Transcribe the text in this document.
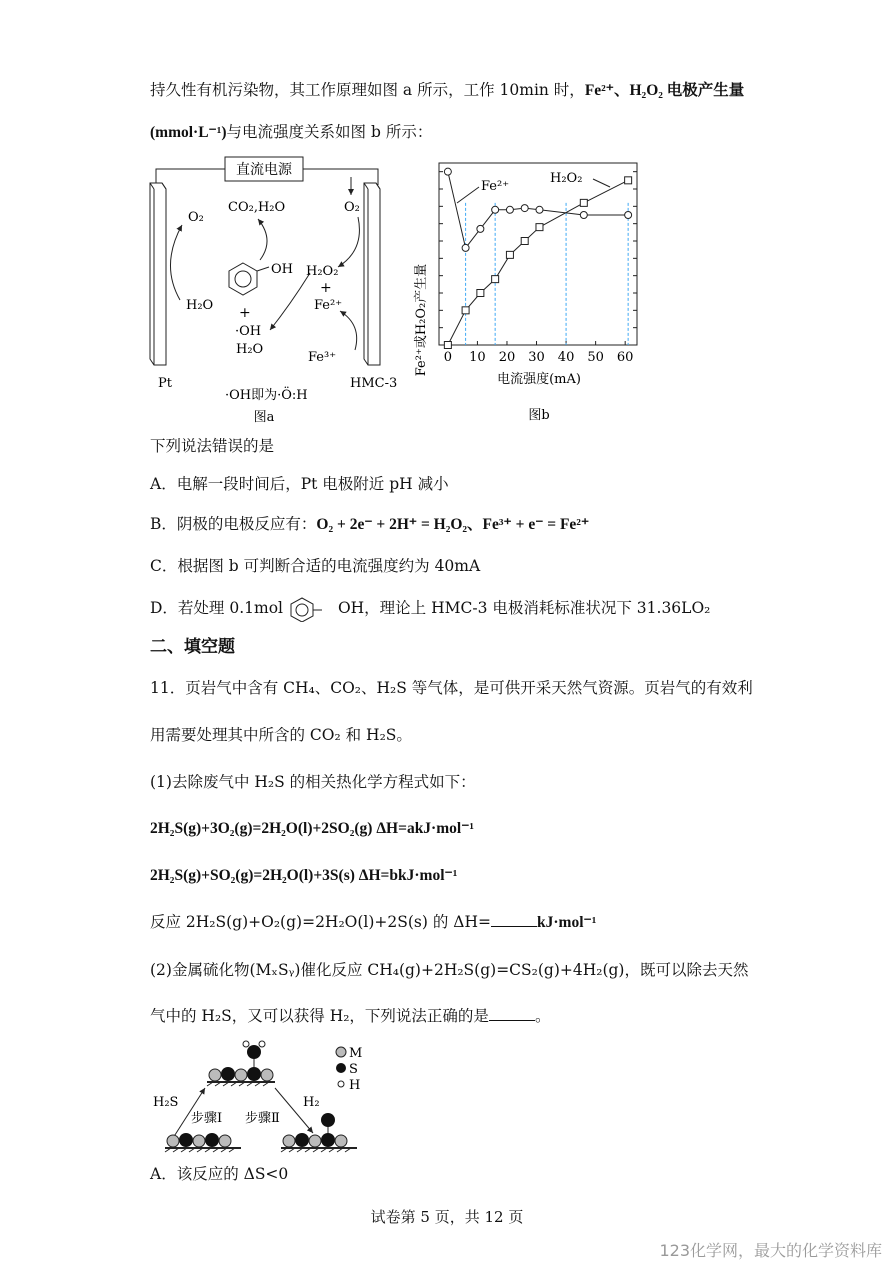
持久性有机污染物，其工作原理如图 a 所示，工作 10min 时，Fe²⁺、H₂O₂ 电极产生量
(mmol·L⁻¹)与电流强度关系如图 b 所示：
直流电源
O₂
H₂O
CO₂,H₂O
OH
+
·OH
H₂O
O₂
H₂O₂
+
Fe²⁺
Fe³⁺
Pt	HMC-3
·OH即为·Ö:H
图a
Fe²⁺或H₂O₂产生量
电流强度(mA)
图b
Fe²⁺
H₂O₂
0 10 20 30 40 50 60
下列说法错误的是
A．电解一段时间后，Pt 电极附近 pH 减小
B．阴极的电极反应有：O₂ + 2e⁻ + 2H⁺ = H₂O₂、Fe³⁺ + e⁻ = Fe²⁺
C．根据图 b 可判断合适的电流强度约为 40mA
D．若处理 0.1mol	OH，理论上 HMC-3 电极消耗标准状况下 31.36LO₂
二、填空题
11．页岩气中含有 CH₄、CO₂、H₂S 等气体，是可供开采天然气资源。页岩气的有效利
用需要处理其中所含的 CO₂ 和 H₂S。
(1)去除废气中 H₂S 的相关热化学方程式如下：
2H₂S(g)+3O₂(g)=2H₂O(l)+2SO₂(g) ΔH=akJ·mol⁻¹
2H₂S(g)+SO₂(g)=2H₂O(l)+3S(s) ΔH=bkJ·mol⁻¹
反应 2H₂S(g)+O₂(g)=2H₂O(l)+2S(s) 的 ΔH=	kJ·mol⁻¹
(2)金属硫化物(MₓSᵧ)催化反应 CH₄(g)+2H₂S(g)=CS₂(g)+4H₂(g)，既可以除去天然
气中的 H₂S，又可以获得 H₂，下列说法正确的是	。
M
S
H
H₂S	H₂
步骤Ⅰ 步骤Ⅱ
A．该反应的 ΔS<0
试卷第 5 页，共 12 页
123化学网，最大的化学资料库
